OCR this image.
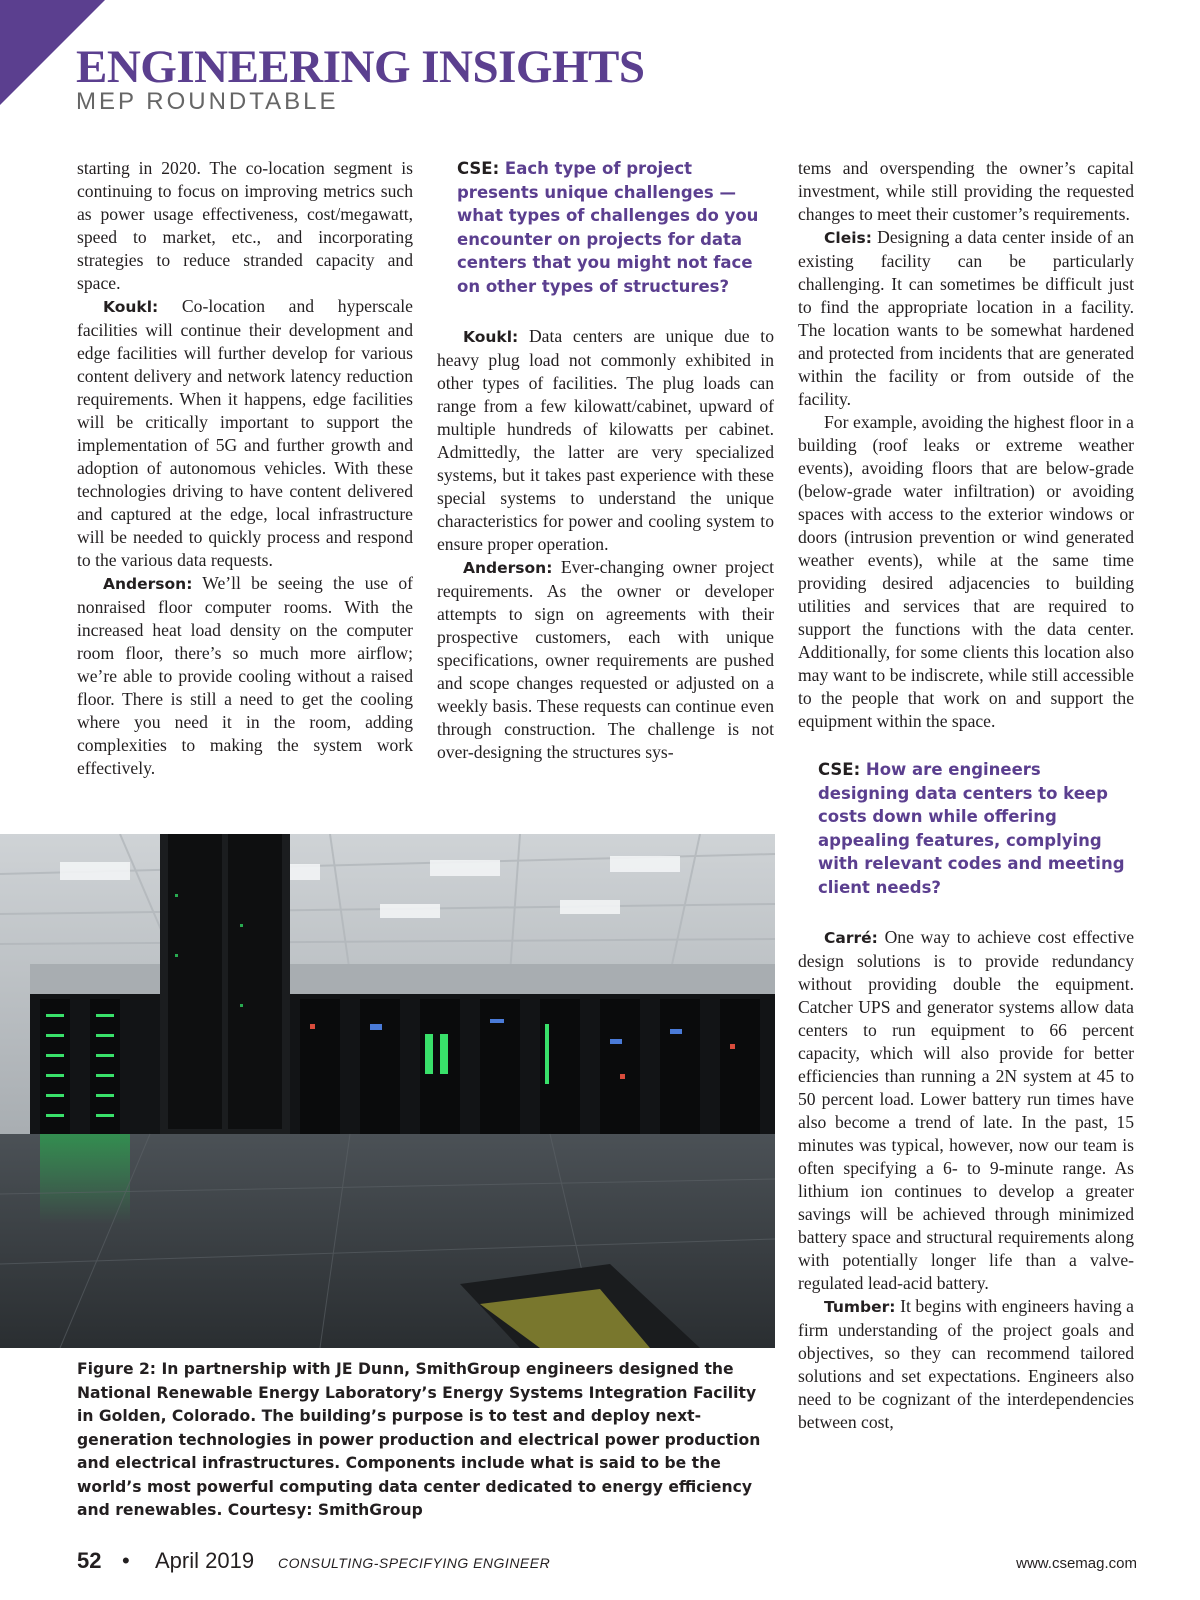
ENGINEERING INSIGHTS
MEP ROUNDTABLE

starting in 2020. The co-location segment is continuing to focus on improving metrics such as power usage effectiveness, cost/megawatt, speed to market, etc., and incorporating strategies to reduce stranded capacity and space.

Koukl: Co-location and hyperscale facilities will continue their development and edge facilities will further develop for various content delivery and network latency reduction requirements. When it happens, edge facilities will be critically important to support the implementation of 5G and further growth and adoption of autonomous vehicles. With these technologies driving to have content delivered and captured at the edge, local infrastructure will be needed to quickly process and respond to the various data requests.

Anderson: We’ll be seeing the use of nonraised floor computer rooms. With the increased heat load density on the computer room floor, there’s so much more airflow; we’re able to provide cooling without a raised floor. There is still a need to get the cooling where you need it in the room, adding complexities to making the system work effectively.

CSE: Each type of project presents unique challenges — what types of challenges do you encounter on projects for data centers that you might not face on other types of structures?

Koukl: Data centers are unique due to heavy plug load not commonly exhibited in other types of facilities. The plug loads can range from a few kilowatt/cabinet, upward of multiple hundreds of kilowatts per cabinet. Admittedly, the latter are very specialized systems, but it takes past experience with these special systems to understand the unique characteristics for power and cooling system to ensure proper operation.

Anderson: Ever-changing owner project requirements. As the owner or developer attempts to sign on agreements with their prospective customers, each with unique specifications, owner requirements are pushed and scope changes requested or adjusted on a weekly basis. These requests can continue even through construction. The challenge is not over-designing the structures sys-

tems and overspending the owner’s capital investment, while still providing the requested changes to meet their customer’s requirements.

Cleis: Designing a data center inside of an existing facility can be particularly challenging. It can sometimes be difficult just to find the appropriate location in a facility. The location wants to be somewhat hardened and protected from incidents that are generated within the facility or from outside of the facility.

For example, avoiding the highest floor in a building (roof leaks or extreme weather events), avoiding floors that are below-grade (below-grade water infiltration) or avoiding spaces with access to the exterior windows or doors (intrusion prevention or wind generated weather events), while at the same time providing desired adjacencies to building utilities and services that are required to support the functions with the data center. Additionally, for some clients this location also may want to be indiscrete, while still accessible to the people that work on and support the equipment within the space.

CSE: How are engineers designing data centers to keep costs down while offering appealing features, complying with relevant codes and meeting client needs?

Carré: One way to achieve cost effective design solutions is to provide redundancy without providing double the equipment. Catcher UPS and generator systems allow data centers to run equipment to 66 percent capacity, which will also provide for better efficiencies than running a 2N system at 45 to 50 percent load. Lower battery run times have also become a trend of late. In the past, 15 minutes was typical, however, now our team is often specifying a 6- to 9-minute range. As lithium ion continues to develop a greater savings will be achieved through minimized battery space and structural requirements along with potentially longer life than a valve-regulated lead-acid battery.

Tumber: It begins with engineers having a firm understanding of the project goals and objectives, so they can recommend tailored solutions and set expectations. Engineers also need to be cognizant of the interdependencies between cost,

Figure 2: In partnership with JE Dunn, SmithGroup engineers designed the National Renewable Energy Laboratory’s Energy Systems Integration Facility in Golden, Colorado. The building’s purpose is to test and deploy next-generation technologies in power production and electrical power production and electrical infrastructures. Components include what is said to be the world’s most powerful computing data center dedicated to energy efficiency and renewables. Courtesy: SmithGroup
52 • April 2019 CONSULTING-SPECIFYING ENGINEER	www.csemag.com
